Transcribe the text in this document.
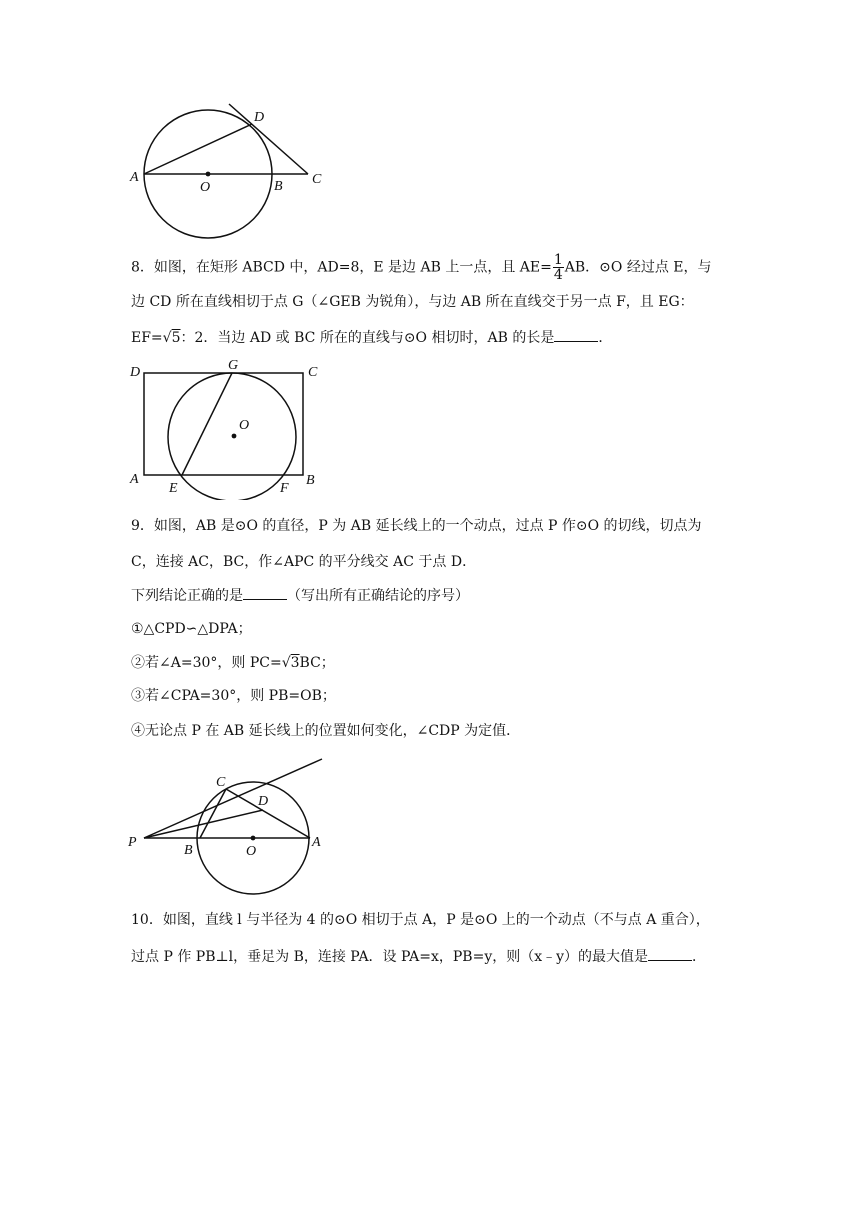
A
O	B C
D
8．如图，在矩形 ABCD 中，AD=8，E 是边 AB 上一点，且 $AE= \frac{1}{4}$ AB．⊙O 经过点 E，与
边 CD 所在直线相切于点 G（∠GEB 为锐角），与边 AB 所在直线交于另一点 F，且 EG：
EF=√5：2．当边 AD 或 BC 所在的直线与⊙O 相切时，AB 的长是	．
D	G	C
O
A
E	F
B
9．如图，AB 是⊙O 的直径，P 为 AB 延长线上的一个动点，过点 P 作⊙O 的切线，切点为
C，连接 AC，BC，作∠APC 的平分线交 AC 于点 D．
下列结论正确的是	（写出所有正确结论的序号）
①△CPD∽△DPA；
②若∠A=30°，则 PC=√3BC；
③若∠CPA=30°，则 PB=OB；
④无论点 P 在 AB 延长线上的位置如何变化，∠CDP 为定值．
C
D
P
B	O
A
10．如图，直线 l 与半径为 4 的⊙O 相切于点 A，P 是⊙O 上的一个动点（不与点 A 重合），
过点 P 作 PB⊥l，垂足为 B，连接 PA．设 PA=x，PB=y，则（x﹣y）的最大值是	．
